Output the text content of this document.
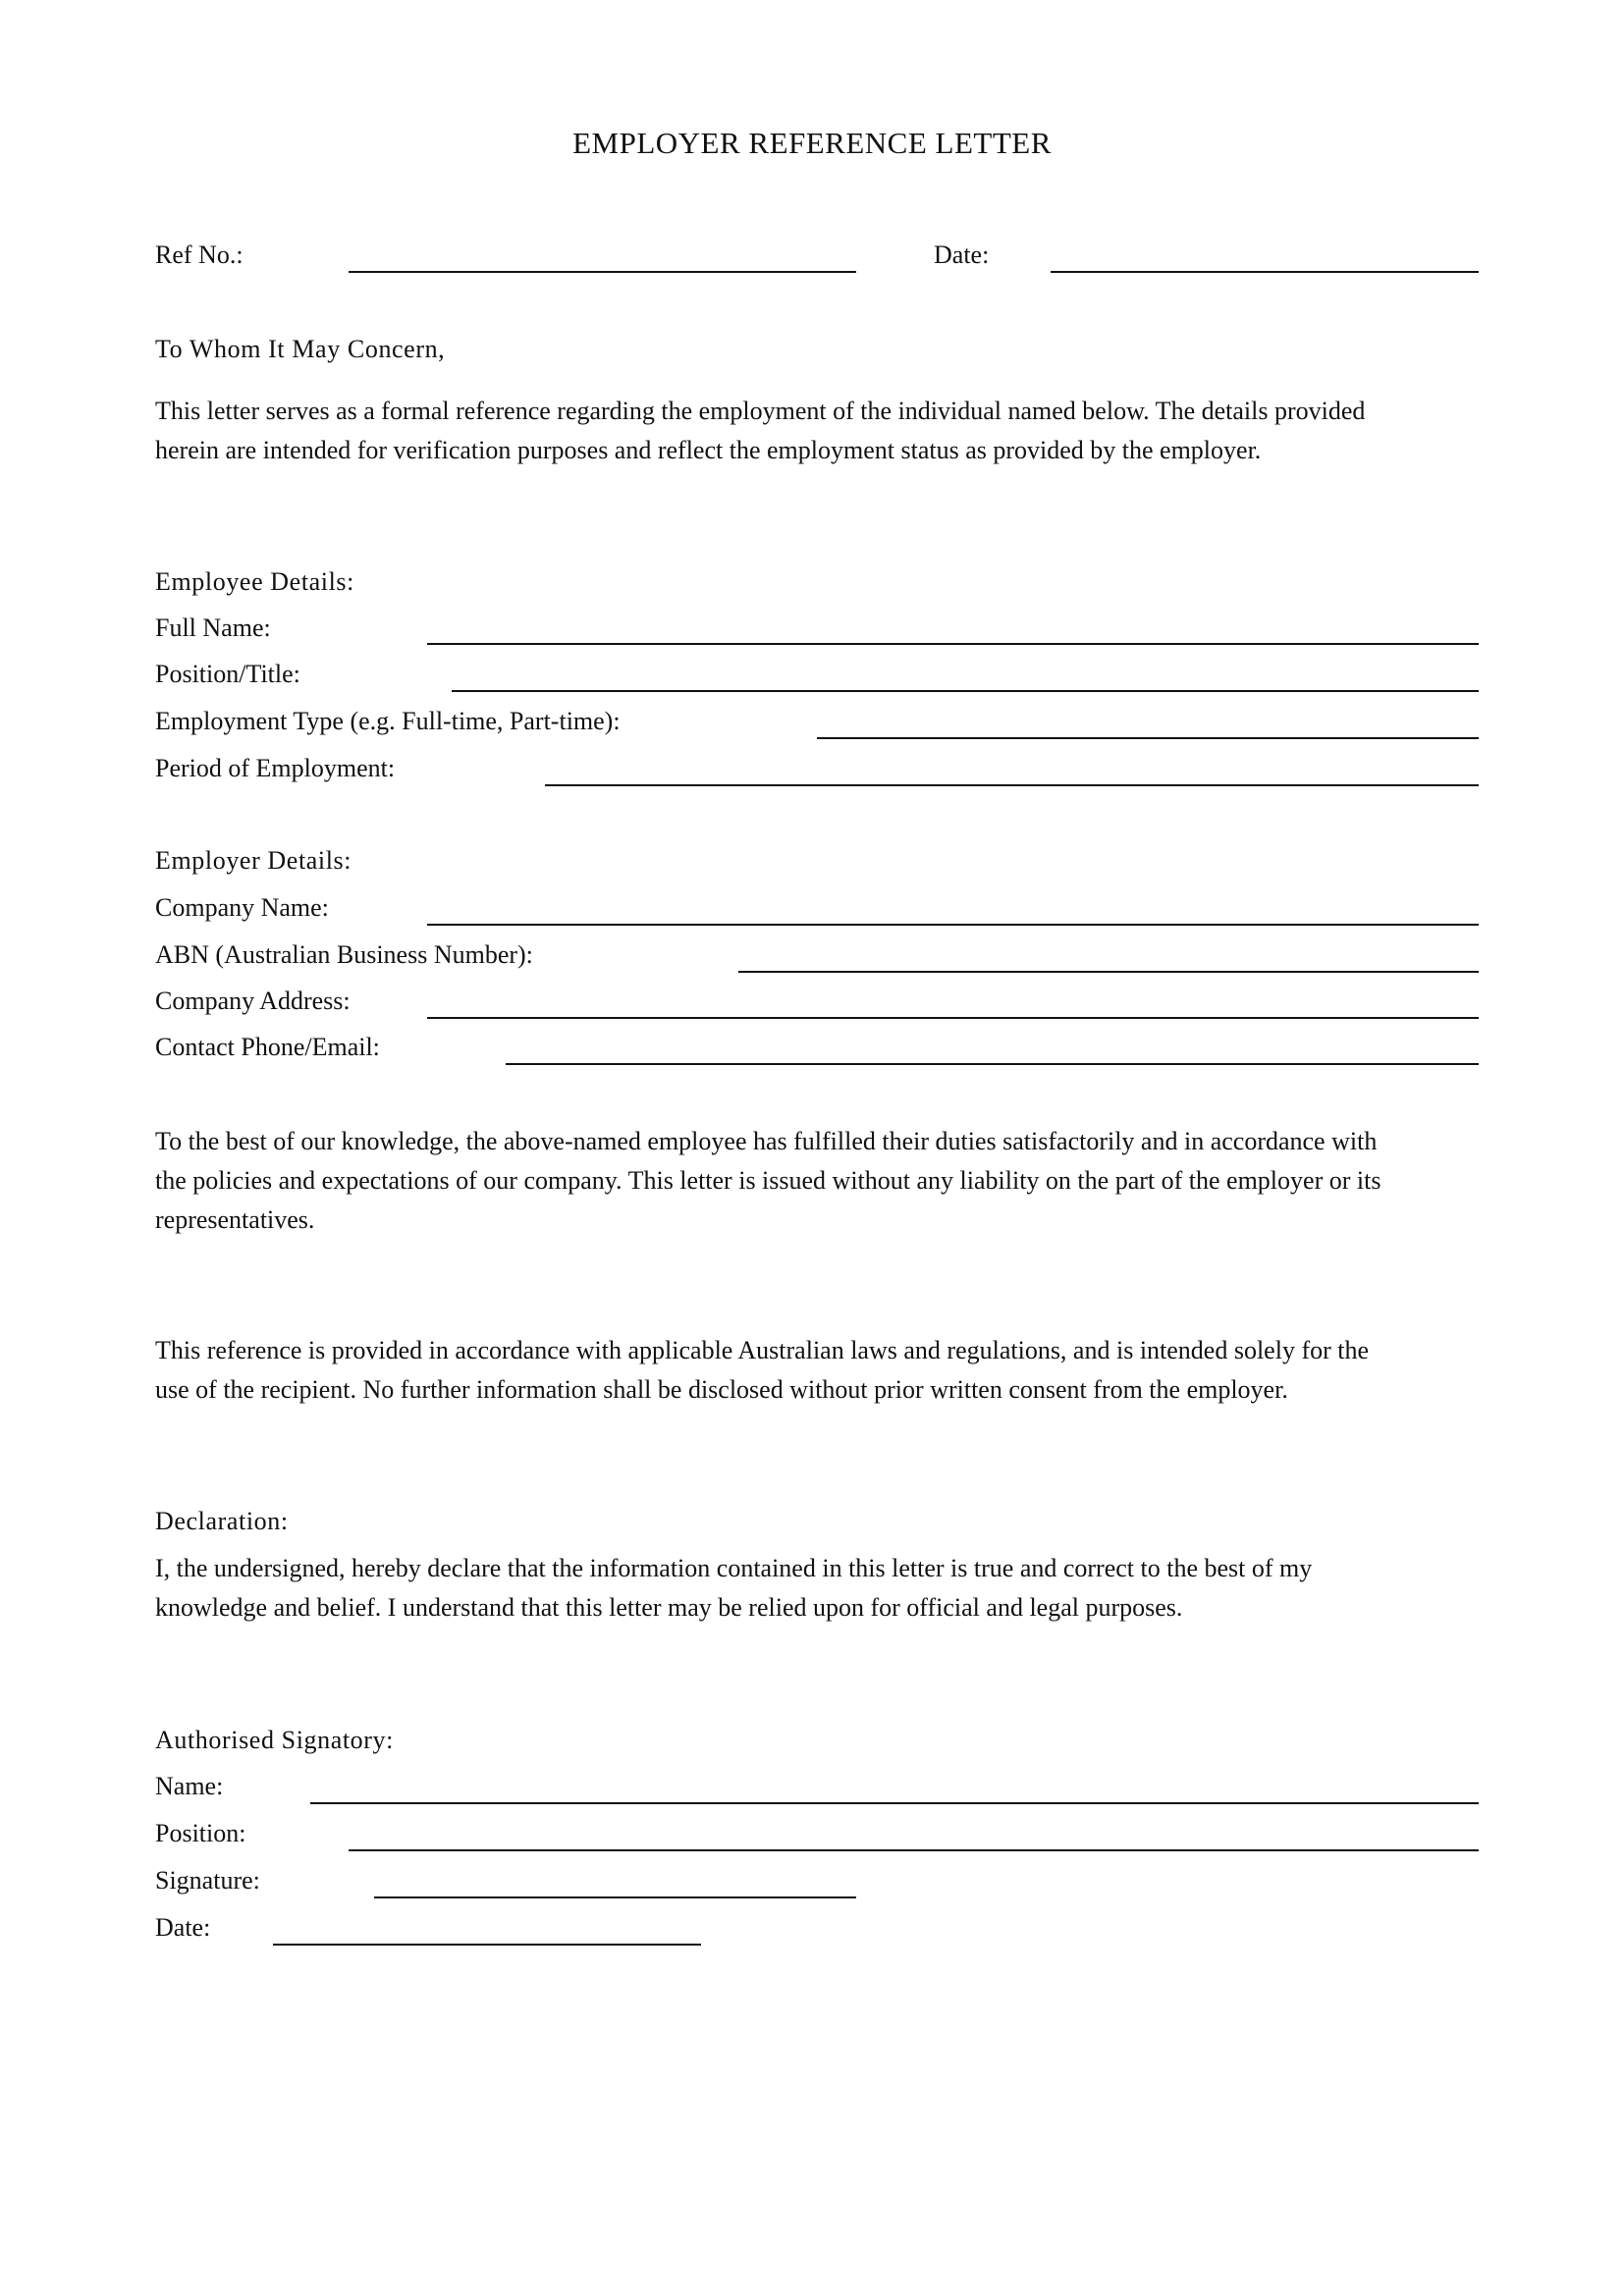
EMPLOYER REFERENCE LETTER
Ref No.:	Date:
To Whom It May Concern,

This letter serves as a formal reference regarding the employment of the individual named below. The details provided

herein are intended for verification purposes and reflect the employment status as provided by the employer.

Employee Details:
Full Name:
Position/Title:
Employment Type (e.g. Full-time, Part-time):
Period of Employment:
Employer Details:
Company Name:
ABN (Australian Business Number):
Company Address:
Contact Phone/Email:

To the best of our knowledge, the above-named employee has fulfilled their duties satisfactorily and in accordance with

the policies and expectations of our company. This letter is issued without any liability on the part of the employer or its

representatives.

This reference is provided in accordance with applicable Australian laws and regulations, and is intended solely for the

use of the recipient. No further information shall be disclosed without prior written consent from the employer.

Declaration:

I, the undersigned, hereby declare that the information contained in this letter is true and correct to the best of my

knowledge and belief. I understand that this letter may be relied upon for official and legal purposes.

Authorised Signatory:
Name:
Position:
Signature:
Date:
